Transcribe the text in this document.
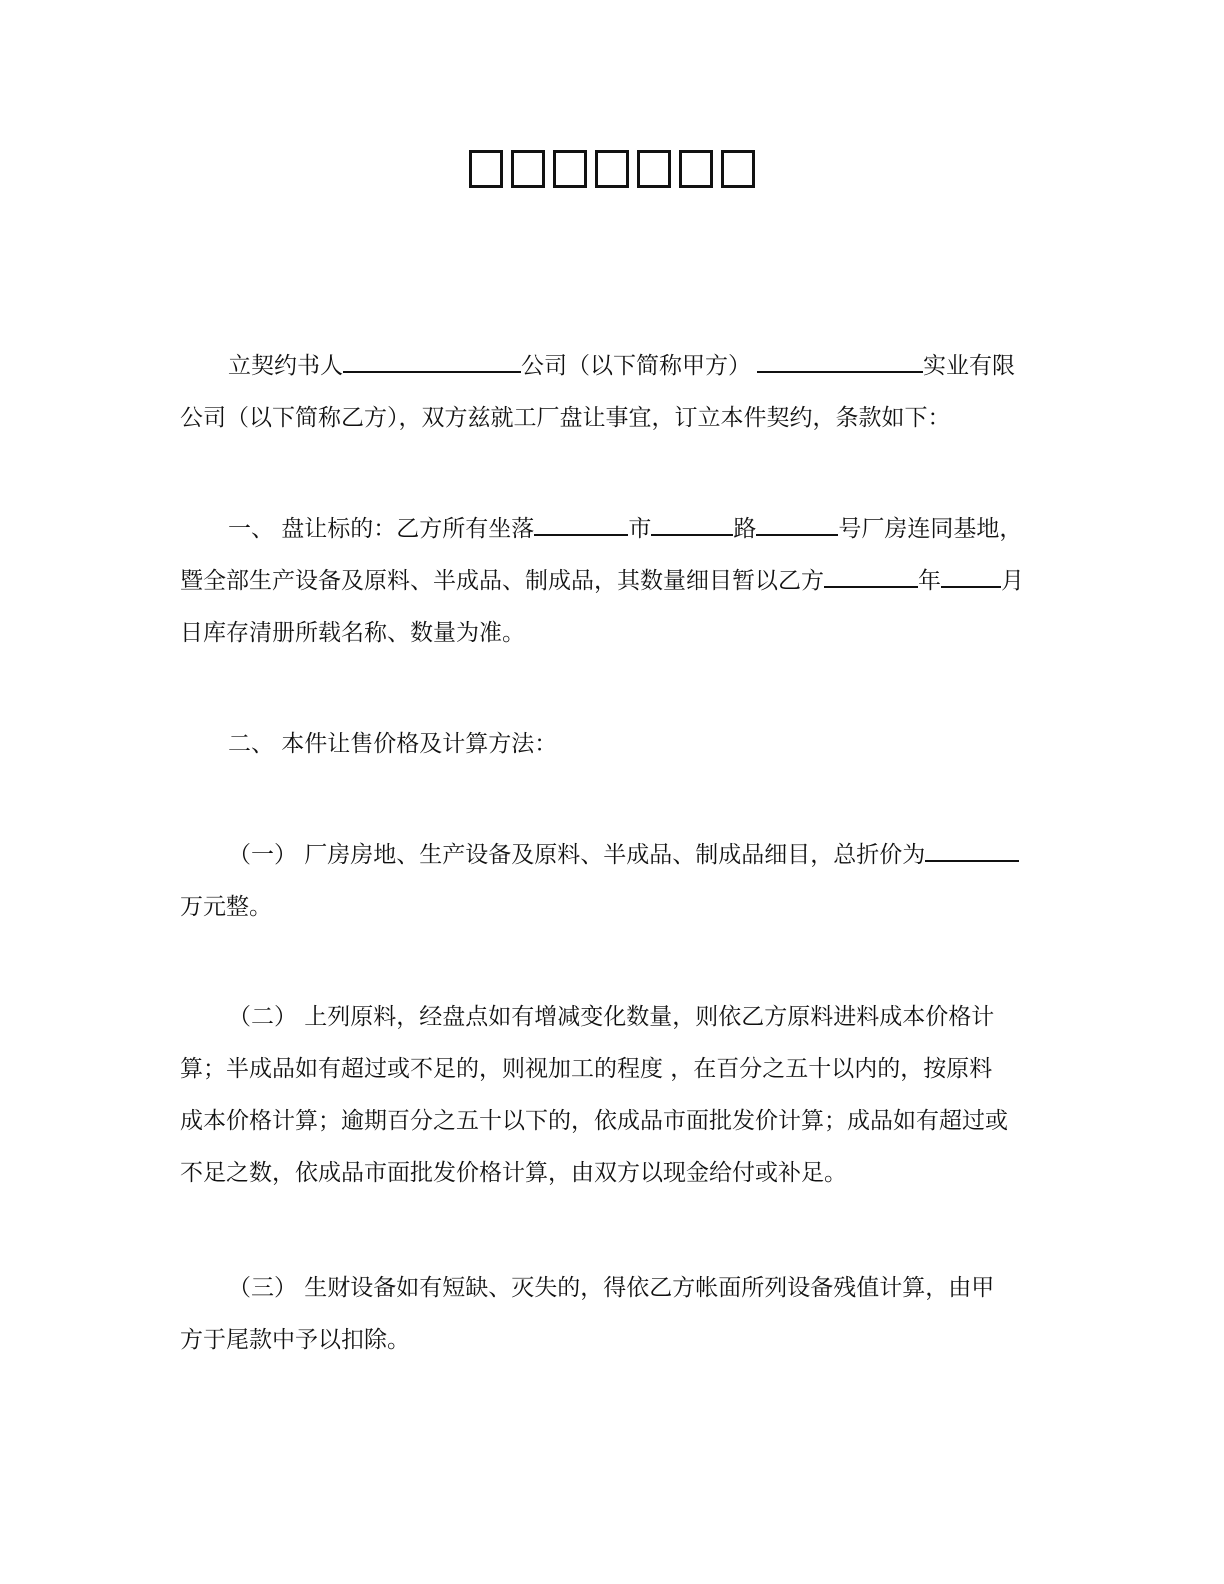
立契约书人	公司（以下简称甲方）	实业有限
公司（以下简称乙方），双方兹就工厂盘让事宜，订立本件契约，条款如下：
一、 盘让标的：乙方所有坐落	市	路	号厂房连同基地，
暨全部生产设备及原料、半成品、制成品，其数量细目暂以乙方	年	月
日库存清册所载名称、数量为准。
二、 本件让售价格及计算方法：
（一） 厂房房地、生产设备及原料、半成品、制成品细目，总折价为
万元整。
（二） 上列原料，经盘点如有增减变化数量，则依乙方原料进料成本价格计
算；半成品如有超过或不足的，则视加工的程度 ，在百分之五十以内的，按原料
成本价格计算；逾期百分之五十以下的，依成品市面批发价计算；成品如有超过或
不足之数，依成品市面批发价格计算，由双方以现金给付或补足。
（三） 生财设备如有短缺、灭失的，得依乙方帐面所列设备残值计算，由甲
方于尾款中予以扣除。
